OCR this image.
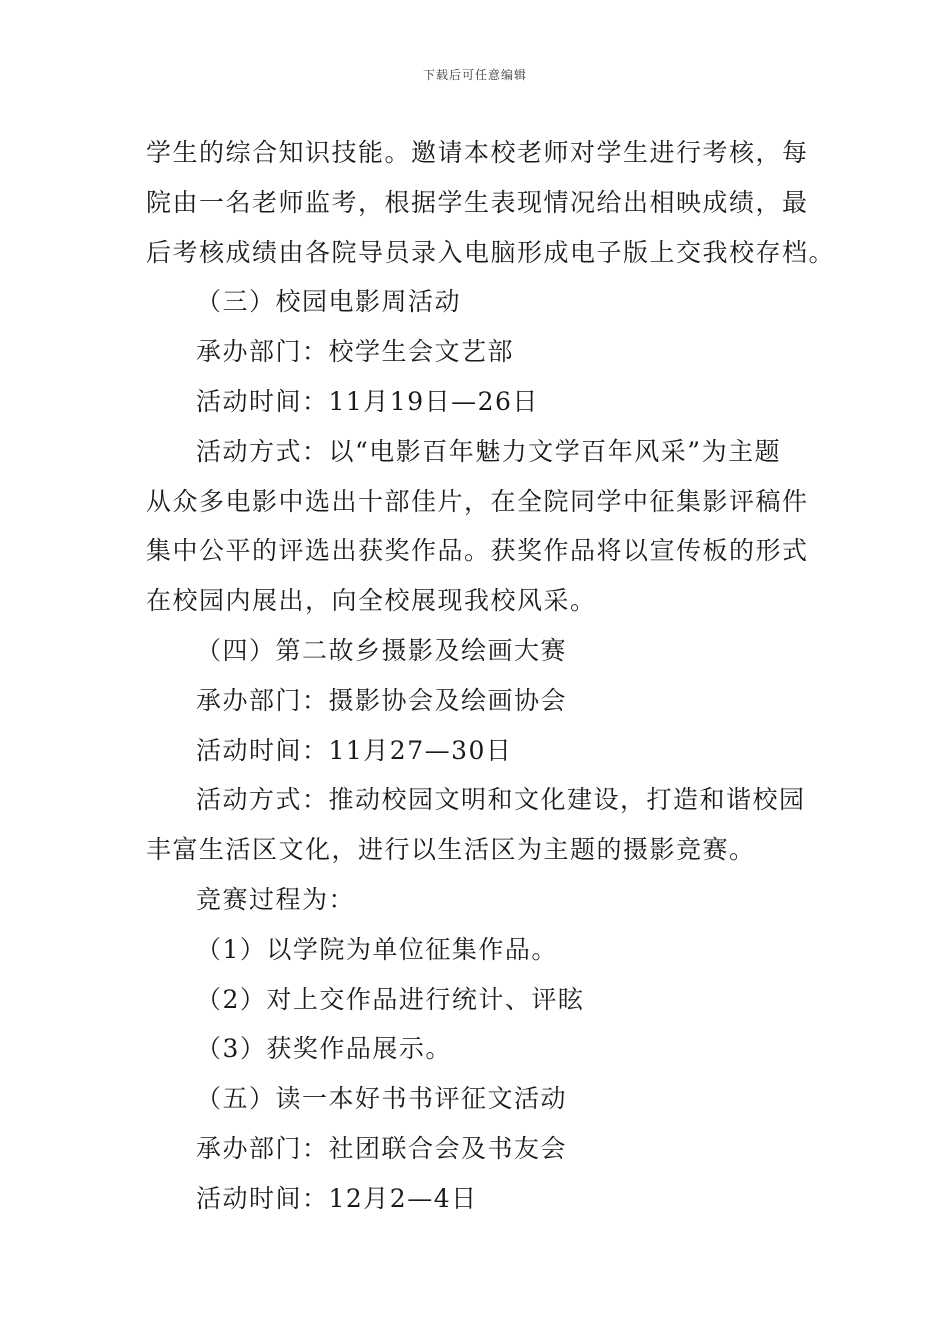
下载后可任意编辑
学生的综合知识技能。邀请本校老师对学生进行考核，每
院由一名老师监考，根据学生表现情况给出相映成绩，最
后考核成绩由各院导员录入电脑形成电子版上交我校存档。
（三）校园电影周活动
承办部门：校学生会文艺部
活动时间：11月19日—26日
活动方式：以“电影百年魅力文学百年风采”为主题
从众多电影中选出十部佳片，在全院同学中征集影评稿件
集中公平的评选出获奖作品。获奖作品将以宣传板的形式
在校园内展出，向全校展现我校风采。
（四）第二故乡摄影及绘画大赛
承办部门：摄影协会及绘画协会
活动时间：11月27—30日
活动方式：推动校园文明和文化建设，打造和谐校园
丰富生活区文化，进行以生活区为主题的摄影竞赛。
竞赛过程为：
（1）以学院为单位征集作品。
（2）对上交作品进行统计、评眩
（3）获奖作品展示。
（五）读一本好书书评征文活动
承办部门：社团联合会及书友会
活动时间：12月2—4日
